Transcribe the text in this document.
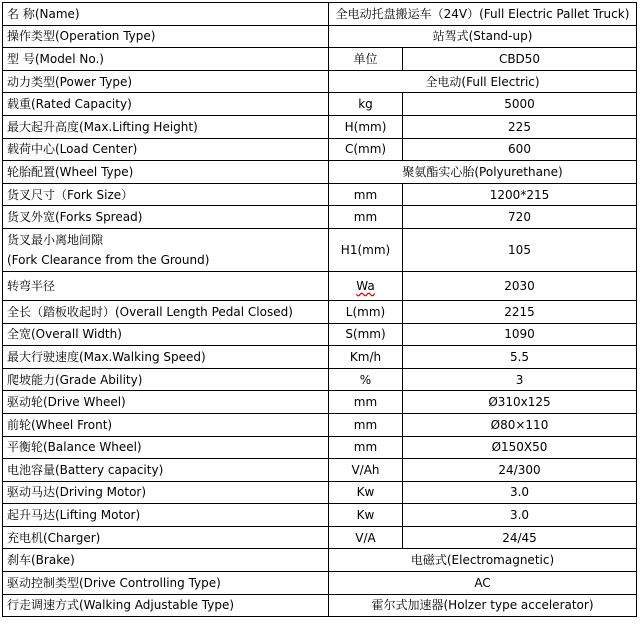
名 称(Name)	全电动托盘搬运车（24V）(Full Electric Pallet Truck)	
操作类型(Operation Type)	站驾式(Stand-up)	
型 号(Model No.)	单位	CBD50
动力类型(Power Type)	全电动(Full Electric)	
载重(Rated Capacity)	kg	5000
最大起升高度(Max.Lifting Height)	H(mm)	225
载荷中心(Load Center)	C(mm)	600
轮胎配置(Wheel Type)	聚氨酯实心胎(Polyurethane)	
货叉尺寸（Fork Size）	mm	1200*215
货叉外宽(Forks Spread)	mm	720

货叉最小离地间隙
(Fork Clearance from the Ground)	H1(mm)	105
转弯半径	Wa	2030
全长（踏板收起时）(Overall Length Pedal Closed)	L(mm)	2215
全宽(Overall Width)	S(mm)	1090
最大行驶速度(Max.Walking Speed)	Km/h	5.5
爬坡能力(Grade Ability)	%	3
驱动轮(Drive Wheel)	mm	Ø310x125
前轮(Wheel Front)	mm	Ø80×110
平衡轮(Balance Wheel)	mm	Ø150X50
电池容量(Battery capacity)	V/Ah	24/300
驱动马达(Driving Motor)	Kw	3.0
起升马达(Lifting Motor)	Kw	3.0
充电机(Charger)	V/A	24/45
刹车(Brake)	电磁式(Electromagnetic)	
驱动控制类型(Drive Controlling Type)	AC	
行走调速方式(Walking Adjustable Type)	霍尔式加速器(Holzer type accelerator)	
